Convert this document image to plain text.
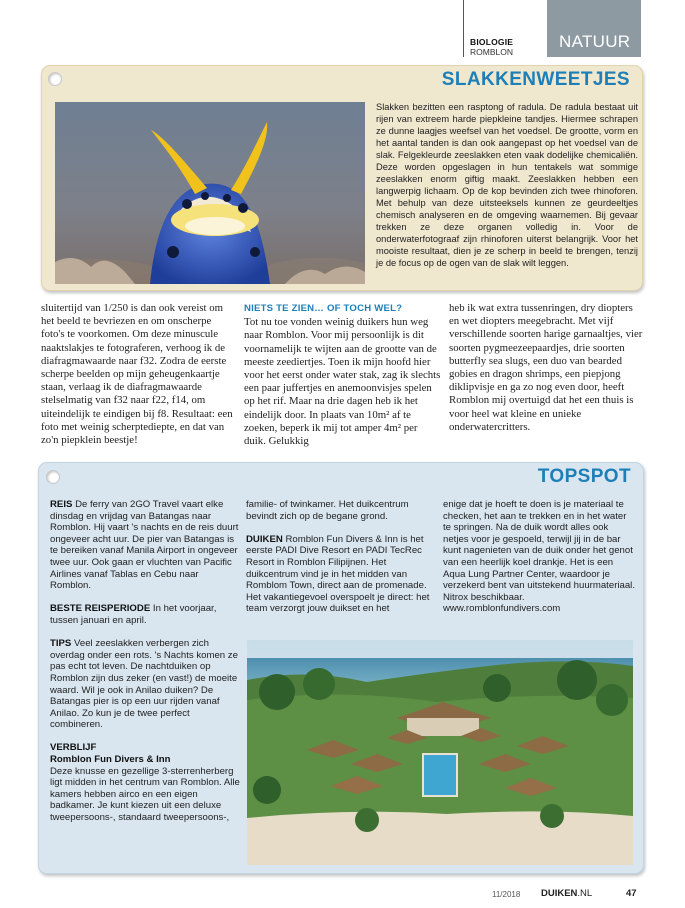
BIOLOGIE
ROMBLON
NATUUR
SLAKKENWEETJES
Slakken bezitten een rasptong of radula. De radula bestaat uit rijen van extreem harde piepkleine tandjes. Hiermee schrapen ze dunne laagjes weefsel van het voedsel. De grootte, vorm en het aantal tanden is dan ook aangepast op het voedsel van de slak. Felgekleurde zeeslakken eten vaak dodelijke chemicaliën. Deze worden opgeslagen in hun tentakels wat sommige zeeslakken enorm giftig maakt. Zeeslakken hebben een langwerpig lichaam. Op de kop bevinden zich twee rhinoforen. Met behulp van deze uitsteeksels kunnen ze geurdeeltjes chemisch analyseren en de omgeving waarnemen. Bij gevaar trekken ze deze organen volledig in. Voor de onderwaterfotograaf zijn rhinoforen uiterst belangrijk. Voor het mooiste resultaat, dien je ze scherp in beeld te brengen, tenzij je de focus op de ogen van de slak wilt leggen.
sluitertijd van 1/250 is dan ook vereist om het beeld te bevriezen en om onscherpe foto's te voorkomen. Om deze minuscule naaktslakjes te fotograferen, verhoog ik de diafragmawaarde naar f32. Zodra de eerste scherpe beelden op mijn geheugenkaartje staan, verlaag ik de diafragmawaarde stelselmatig van f32 naar f22, f14, om uiteindelijk te eindigen bij f8. Resultaat: een foto met weinig scherptediepte, en dat van zo'n piepklein beestje!
NIETS TE ZIEN… OF TOCH WEL?
Tot nu toe vonden weinig duikers hun weg naar Romblon. Voor mij persoonlijk is dit voornamelijk te wijten aan de grootte van de meeste zeediertjes. Toen ik mijn hoofd hier voor het eerst onder water stak, zag ik slechts een paar juffertjes en anemoonvisjes spelen op het rif. Maar na drie dagen heb ik het eindelijk door. In plaats van 10m² af te zoeken, beperk ik mij tot amper 4m² per duik. Gelukkig
heb ik wat extra tussenringen, dry diopters en wet diopters meegebracht. Met vijf verschillende soorten harige garnaaltjes, vier soorten pygmeezeepaardjes, drie soorten butterfly sea slugs, een duo van bearded gobies en dragon shrimps, een piepjong diklipvisje en ga zo nog even door, heeft Romblon mij overtuigd dat het een thuis is voor heel wat kleine en unieke onderwatercritters.
TOPSPOT

REIS De ferry van 2GO Travel vaart elke dinsdag en vrijdag van Batangas naar Romblon. Hij vaart 's nachts en de reis duurt ongeveer acht uur. De pier van Batangas is te bereiken vanaf Manila Airport in ongeveer twee uur. Ook gaan er vluchten van Pacific Airlines vanaf Tablas en Cebu naar Romblon.

BESTE REISPERIODE In het voorjaar, tussen januari en april.

TIPS Veel zeeslakken verbergen zich overdag onder een rots. 's Nachts komen ze pas echt tot leven. De nachtduiken op Romblon zijn dus zeker (en vast!) de moeite waard. Wil je ook in Anilao duiken? De Batangas pier is op een uur rijden vanaf Anilao. Zo kun je de twee perfect combineren.

VERBLIJF
Romblon Fun Divers & Inn
Deze knusse en gezellige 3-sterrenherberg ligt midden in het centrum van Romblon. Alle kamers hebben airco en een eigen badkamer. Je kunt kiezen uit een deluxe tweepersoons-, standaard tweepersoons-,

familie- of twinkamer. Het duikcentrum bevindt zich op de begane grond.

DUIKEN Romblon Fun Divers & Inn is het eerste PADI Dive Resort en PADI TecRec Resort in Romblon Filipijnen. Het duikcentrum vind je in het midden van Romblom Town, direct aan de promenade. Het vakantiegevoel overspoelt je direct: het team verzorgt jouw duikset en het

enige dat je hoeft te doen is je materiaal te checken, het aan te trekken en in het water te springen. Na de duik wordt alles ook netjes voor je gespoeld, terwijl jij in de bar kunt nagenieten van de duik onder het genot van een heerlijk koel drankje. Het is een Aqua Lung Partner Center, waardoor je verzekerd bent van uitstekend huurmateriaal. Nitrox beschikbaar. www.romblonfundivers.com

11/2018 DUIKEN.NL	47
